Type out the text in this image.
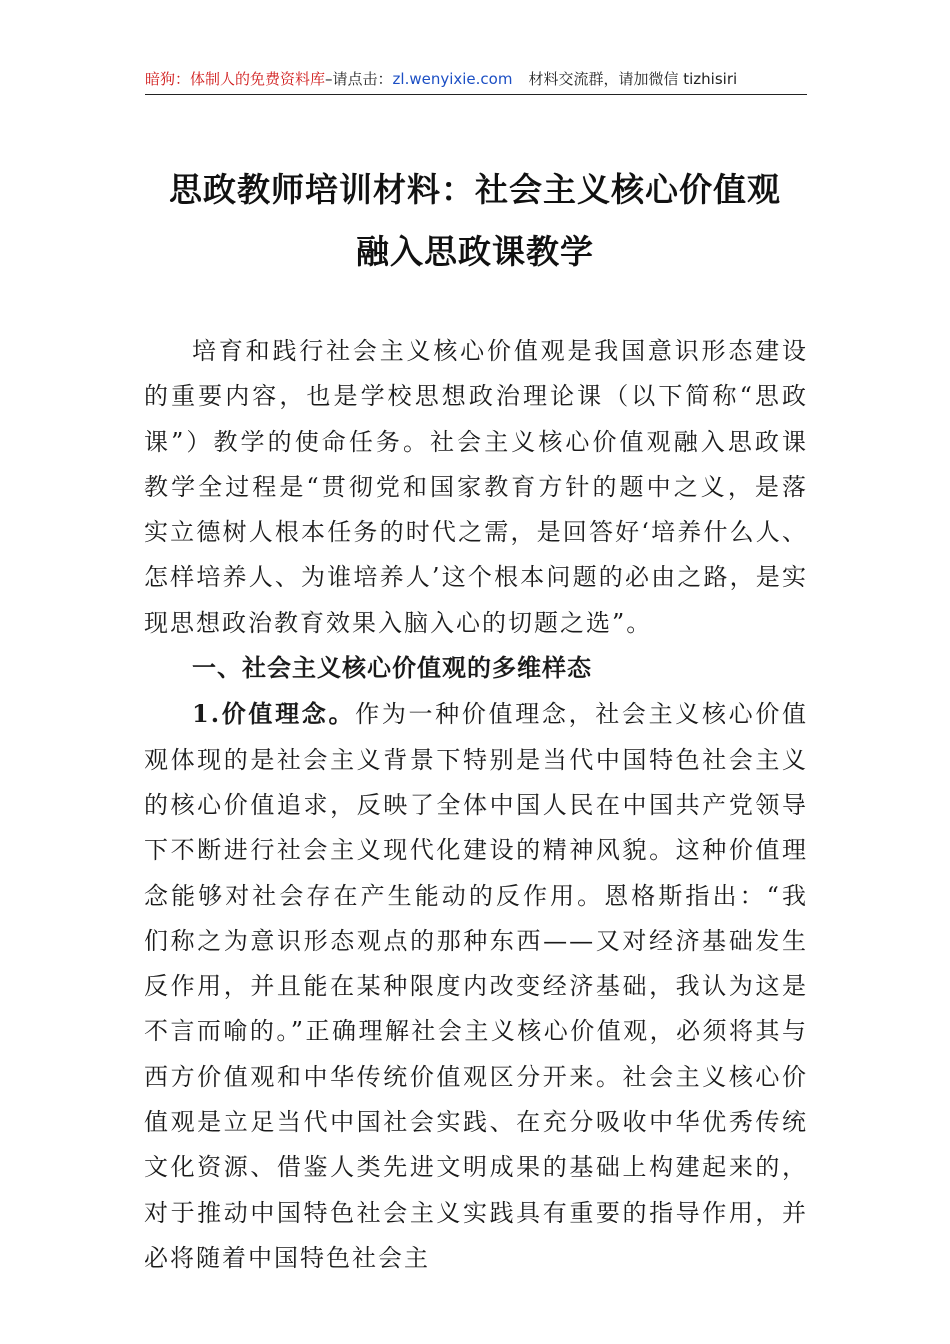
暗狗：体制人的免费资料库–请点击：zl.wenyixie.com 材料交流群，请加微信 tizhisiri
思政教师培训材料：社会主义核心价值观
融入思政课教学

培育和践行社会主义核心价值观是我国意识形态建设的重要内容，也是学校思想政治理论课（以下简称“思政课”）教学的使命任务。社会主义核心价值观融入思政课教学全过程是“贯彻党和国家教育方针的题中之义，是落实立德树人根本任务的时代之需，是回答好‘培养什么人、怎样培养人、为谁培养人’这个根本问题的必由之路，是实现思想政治教育效果入脑入心的切题之选”。

一、社会主义核心价值观的多维样态

1.价值理念。作为一种价值理念，社会主义核心价值观体现的是社会主义背景下特别是当代中国特色社会主义的核心价值追求，反映了全体中国人民在中国共产党领导下不断进行社会主义现代化建设的精神风貌。这种价值理念能够对社会存在产生能动的反作用。恩格斯指出：“我们称之为意识形态观点的那种东西——又对经济基础发生反作用，并且能在某种限度内改变经济基础，我认为这是不言而喻的。”正确理解社会主义核心价值观，必须将其与西方价值观和中华传统价值观区分开来。社会主义核心价值观是立足当代中国社会实践、在充分吸收中华优秀传统文化资源、借鉴人类先进文明成果的基础上构建起来的，对于推动中国特色社会主义实践具有重要的指导作用，并必将随着中国特色社会主
